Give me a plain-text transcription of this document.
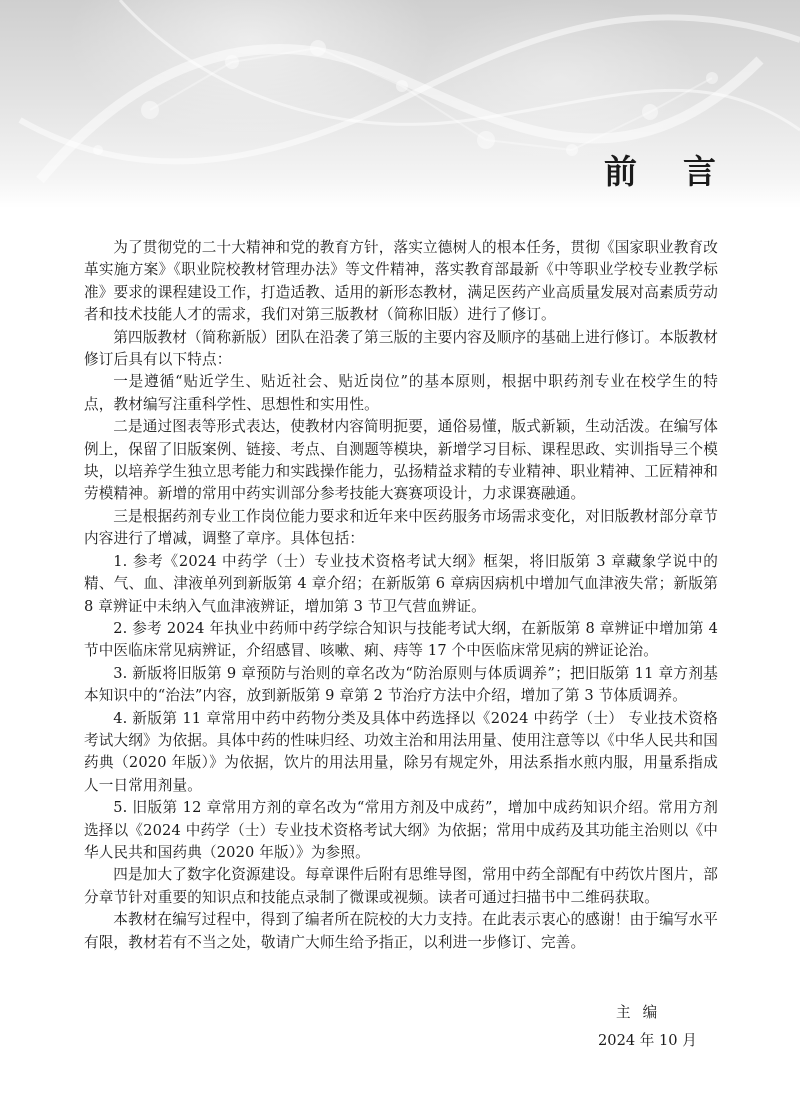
前言

为了贯彻党的二十大精神和党的教育方针，落实立德树人的根本任务，贯彻《国家职业教育改革实施方案》《职业院校教材管理办法》等文件精神，落实教育部最新《中等职业学校专业教学标准》要求的课程建设工作，打造适教、适用的新形态教材，满足医药产业高质量发展对高素质劳动者和技术技能人才的需求，我们对第三版教材（简称旧版）进行了修订。

第四版教材（简称新版）团队在沿袭了第三版的主要内容及顺序的基础上进行修订。本版教材修订后具有以下特点：

一是遵循“贴近学生、贴近社会、贴近岗位”的基本原则，根据中职药剂专业在校学生的特点，教材编写注重科学性、思想性和实用性。

二是通过图表等形式表达，使教材内容简明扼要，通俗易懂，版式新颖，生动活泼。在编写体例上，保留了旧版案例、链接、考点、自测题等模块，新增学习目标、课程思政、实训指导三个模块，以培养学生独立思考能力和实践操作能力，弘扬精益求精的专业精神、职业精神、工匠精神和劳模精神。新增的常用中药实训部分参考技能大赛赛项设计，力求课赛融通。

三是根据药剂专业工作岗位能力要求和近年来中医药服务市场需求变化，对旧版教材部分章节内容进行了增减，调整了章序。具体包括：

1. 参考《2024 中药学（士）专业技术资格考试大纲》框架，将旧版第 3 章藏象学说中的精、气、血、津液单列到新版第 4 章介绍；在新版第 6 章病因病机中增加气血津液失常；新版第 8 章辨证中未纳入气血津液辨证，增加第 3 节卫气营血辨证。

2. 参考 2024 年执业中药师中药学综合知识与技能考试大纲，在新版第 8 章辨证中增加第 4 节中医临床常见病辨证，介绍感冒、咳嗽、痢、痔等 17 个中医临床常见病的辨证论治。

3. 新版将旧版第 9 章预防与治则的章名改为“防治原则与体质调养”；把旧版第 11 章方剂基本知识中的“治法”内容，放到新版第 9 章第 2 节治疗方法中介绍，增加了第 3 节体质调养。

4. 新版第 11 章常用中药中药物分类及具体中药选择以《2024 中药学（士） 专业技术资格考试大纲》为依据。具体中药的性味归经、功效主治和用法用量、使用注意等以《中华人民共和国药典（2020 年版）》为依据，饮片的用法用量，除另有规定外，用法系指水煎内服，用量系指成人一日常用剂量。

5. 旧版第 12 章常用方剂的章名改为“常用方剂及中成药”，增加中成药知识介绍。常用方剂选择以《2024 中药学（士）专业技术资格考试大纲》为依据；常用中成药及其功能主治则以《中华人民共和国药典（2020 年版）》为参照。

四是加大了数字化资源建设。每章课件后附有思维导图，常用中药全部配有中药饮片图片，部分章节针对重要的知识点和技能点录制了微课或视频。读者可通过扫描书中二维码获取。

本教材在编写过程中，得到了编者所在院校的大力支持。在此表示衷心的感谢！由于编写水平有限，教材若有不当之处，敬请广大师生给予指正，以利进一步修订、完善。

主编
2024 年 10 月
